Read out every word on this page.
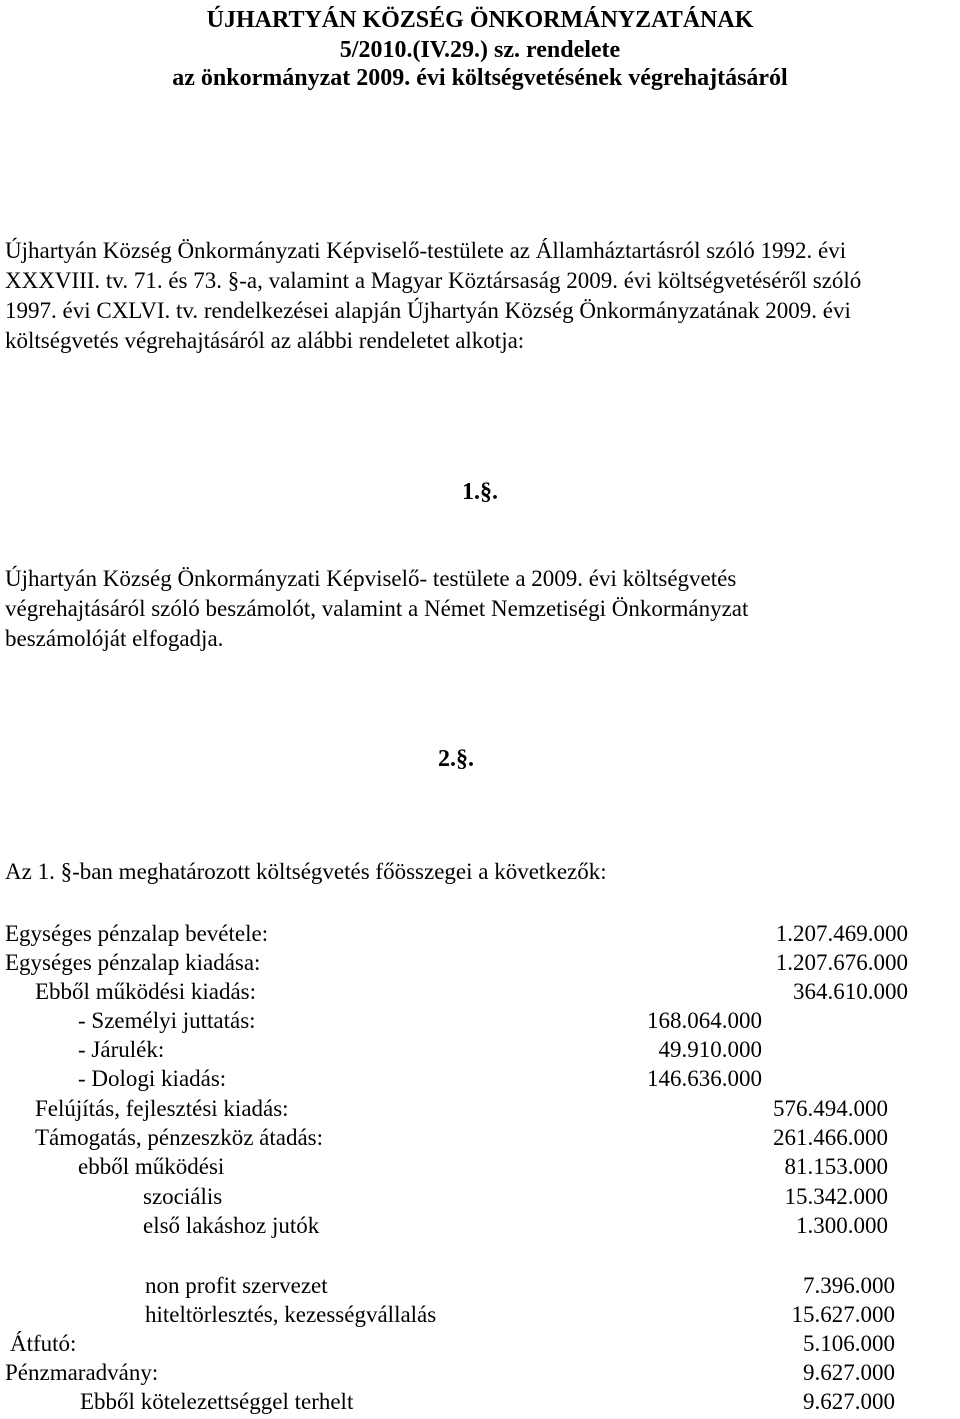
ÚJHARTYÁN KÖZSÉG ÖNKORMÁNYZATÁNAK
5/2010.(IV.29.) sz. rendelete
az önkormányzat 2009. évi költségvetésének végrehajtásáról
Újhartyán Község Önkormányzati Képviselő-testülete az Államháztartásról szóló 1992. évi
XXXVIII. tv. 71. és 73. §-a, valamint a Magyar Köztársaság 2009. évi költségvetéséről szóló
1997. évi CXLVI. tv. rendelkezései alapján Újhartyán Község Önkormányzatának 2009. évi
költségvetés végrehajtásáról az alábbi rendeletet alkotja:
1.§.
Újhartyán Község Önkormányzati Képviselő- testülete a 2009. évi költségvetés
végrehajtásáról szóló beszámolót, valamint a Német Nemzetiségi Önkormányzat
beszámolóját elfogadja.
2.§.
Az 1. §-ban meghatározott költségvetés főösszegei a következők:
Egységes pénzalap bevétele:	1.207.469.000
Egységes pénzalap kiadása:	1.207.676.000
Ebből működési kiadás:	364.610.000
- Személyi juttatás:	168.064.000
- Járulék:	49.910.000
- Dologi kiadás:	146.636.000
Felújítás, fejlesztési kiadás:	576.494.000
Támogatás, pénzeszköz átadás:	261.466.000
ebből működési	81.153.000
szociális	15.342.000
első lakáshoz jutók	1.300.000
non profit szervezet	7.396.000
hiteltörlesztés, kezességvállalás	15.627.000
Átfutó:	5.106.000
Pénzmaradvány:	9.627.000
Ebből kötelezettséggel terhelt	9.627.000
